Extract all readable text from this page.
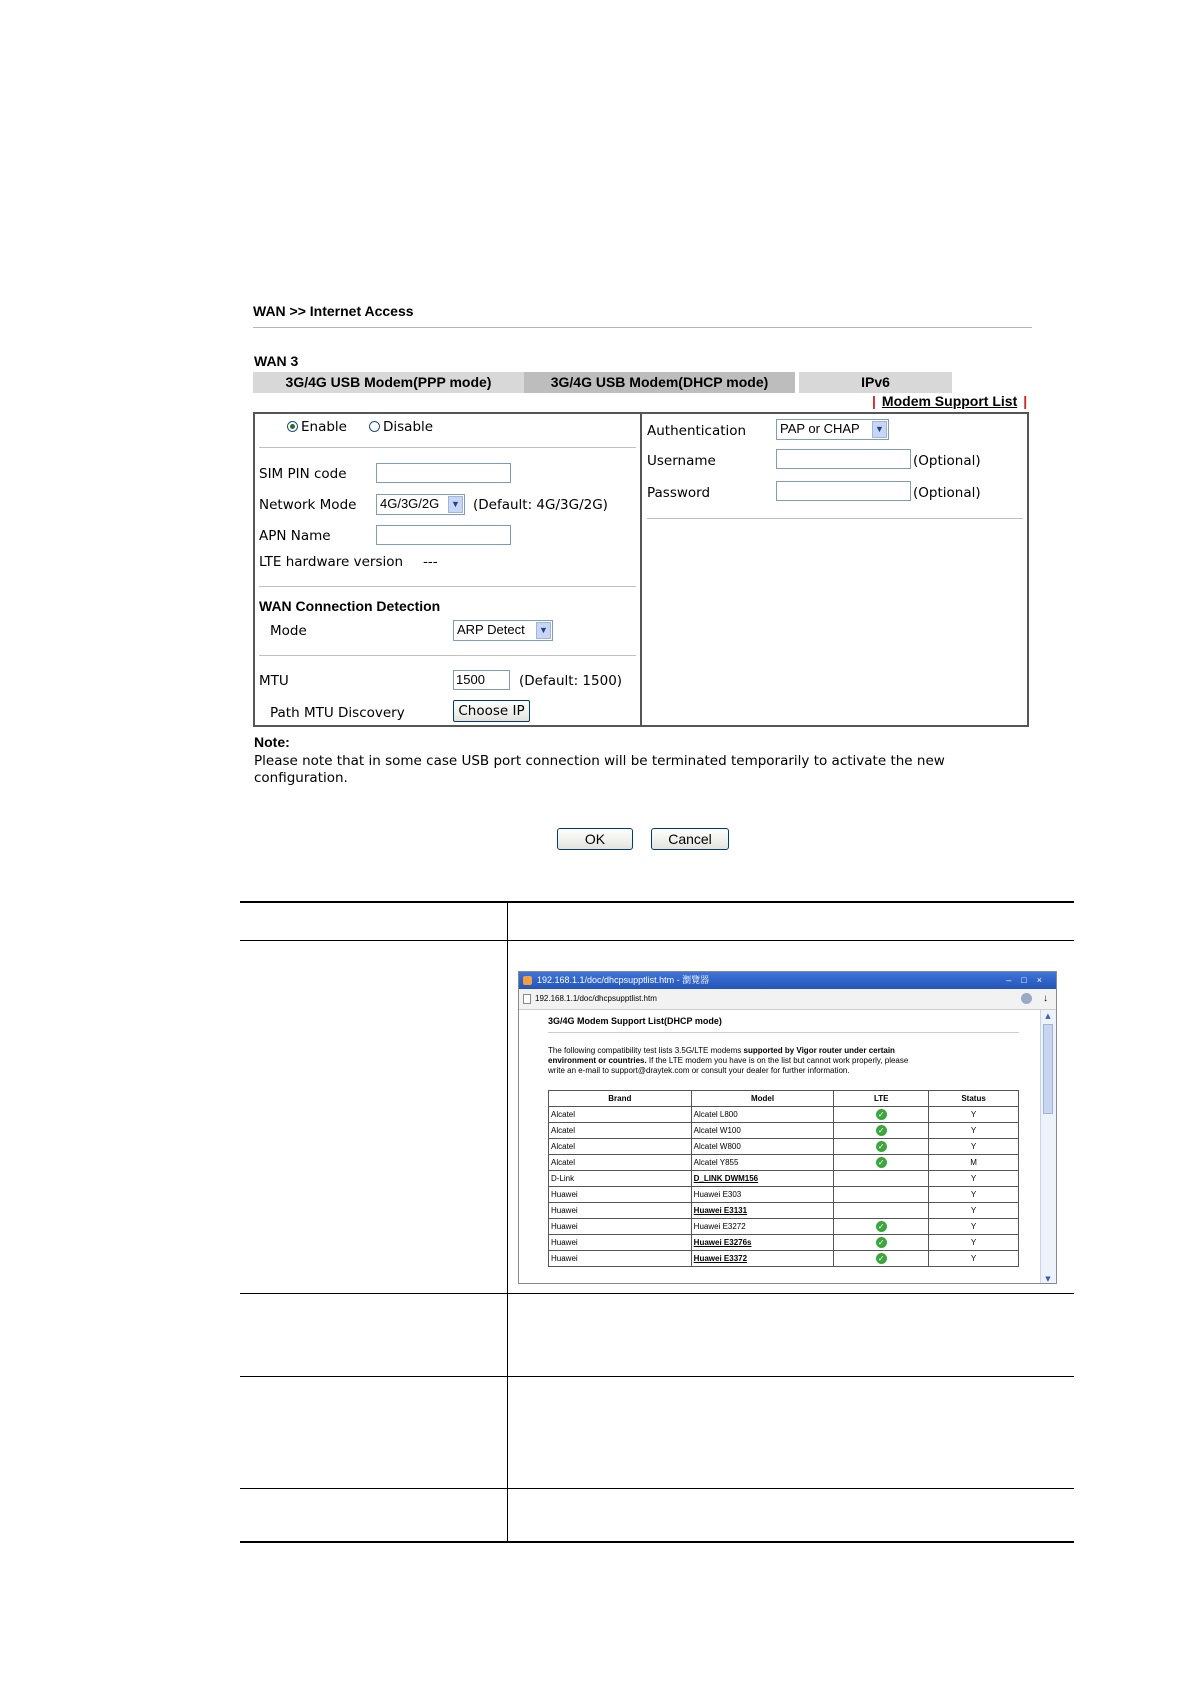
WAN >> Internet Access
WAN 3
3G/4G USB Modem(PPP mode)	3G/4G USB Modem(DHCP mode)	IPv6
| Modem Support List |
Enable	Disable
SIM PIN code
Network Mode	4G/3G/2G	▼ (Default: 4G/3G/2G)
APN Name
LTE hardware version ---
WAN Connection Detection
Mode	ARP Detect	▼
MTU	1500	(Default: 1500)
Path MTU Discovery	Choose IP
Authentication	PAP or CHAP	▼
Username	(Optional)
Password	(Optional)
Note:
Please note that in some case USB port connection will be terminated temporarily to activate the new
configuration.
OK	Cancel
192.168.1.1/doc/dhcpsupptlist.htm - 瀏覽器	–□×
192.168.1.1/doc/dhcpsupptlist.htm	↓
3G/4G Modem Support List(DHCP mode)
The following compatibility test lists 3.5G/LTE modems supported by Vigor router under certain
environment or countries. If the LTE modem you have is on the list but cannot work properly, please
write an e-mail to support@draytek.com or consult your dealer for further information.
Brand	Model	LTE	Status
Alcatel	Alcatel L800	✓	Y
Alcatel	Alcatel W100	✓	Y
Alcatel	Alcatel W800	✓	Y
Alcatel	Alcatel Y855	✓	M
D-Link	D_LINK DWM156		Y
Huawei	Huawei E303		Y
Huawei	Huawei E3131		Y
Huawei	Huawei E3272	✓	Y
Huawei	Huawei E3276s	✓	Y
Huawei	Huawei E3372	✓	Y
▲
▼
